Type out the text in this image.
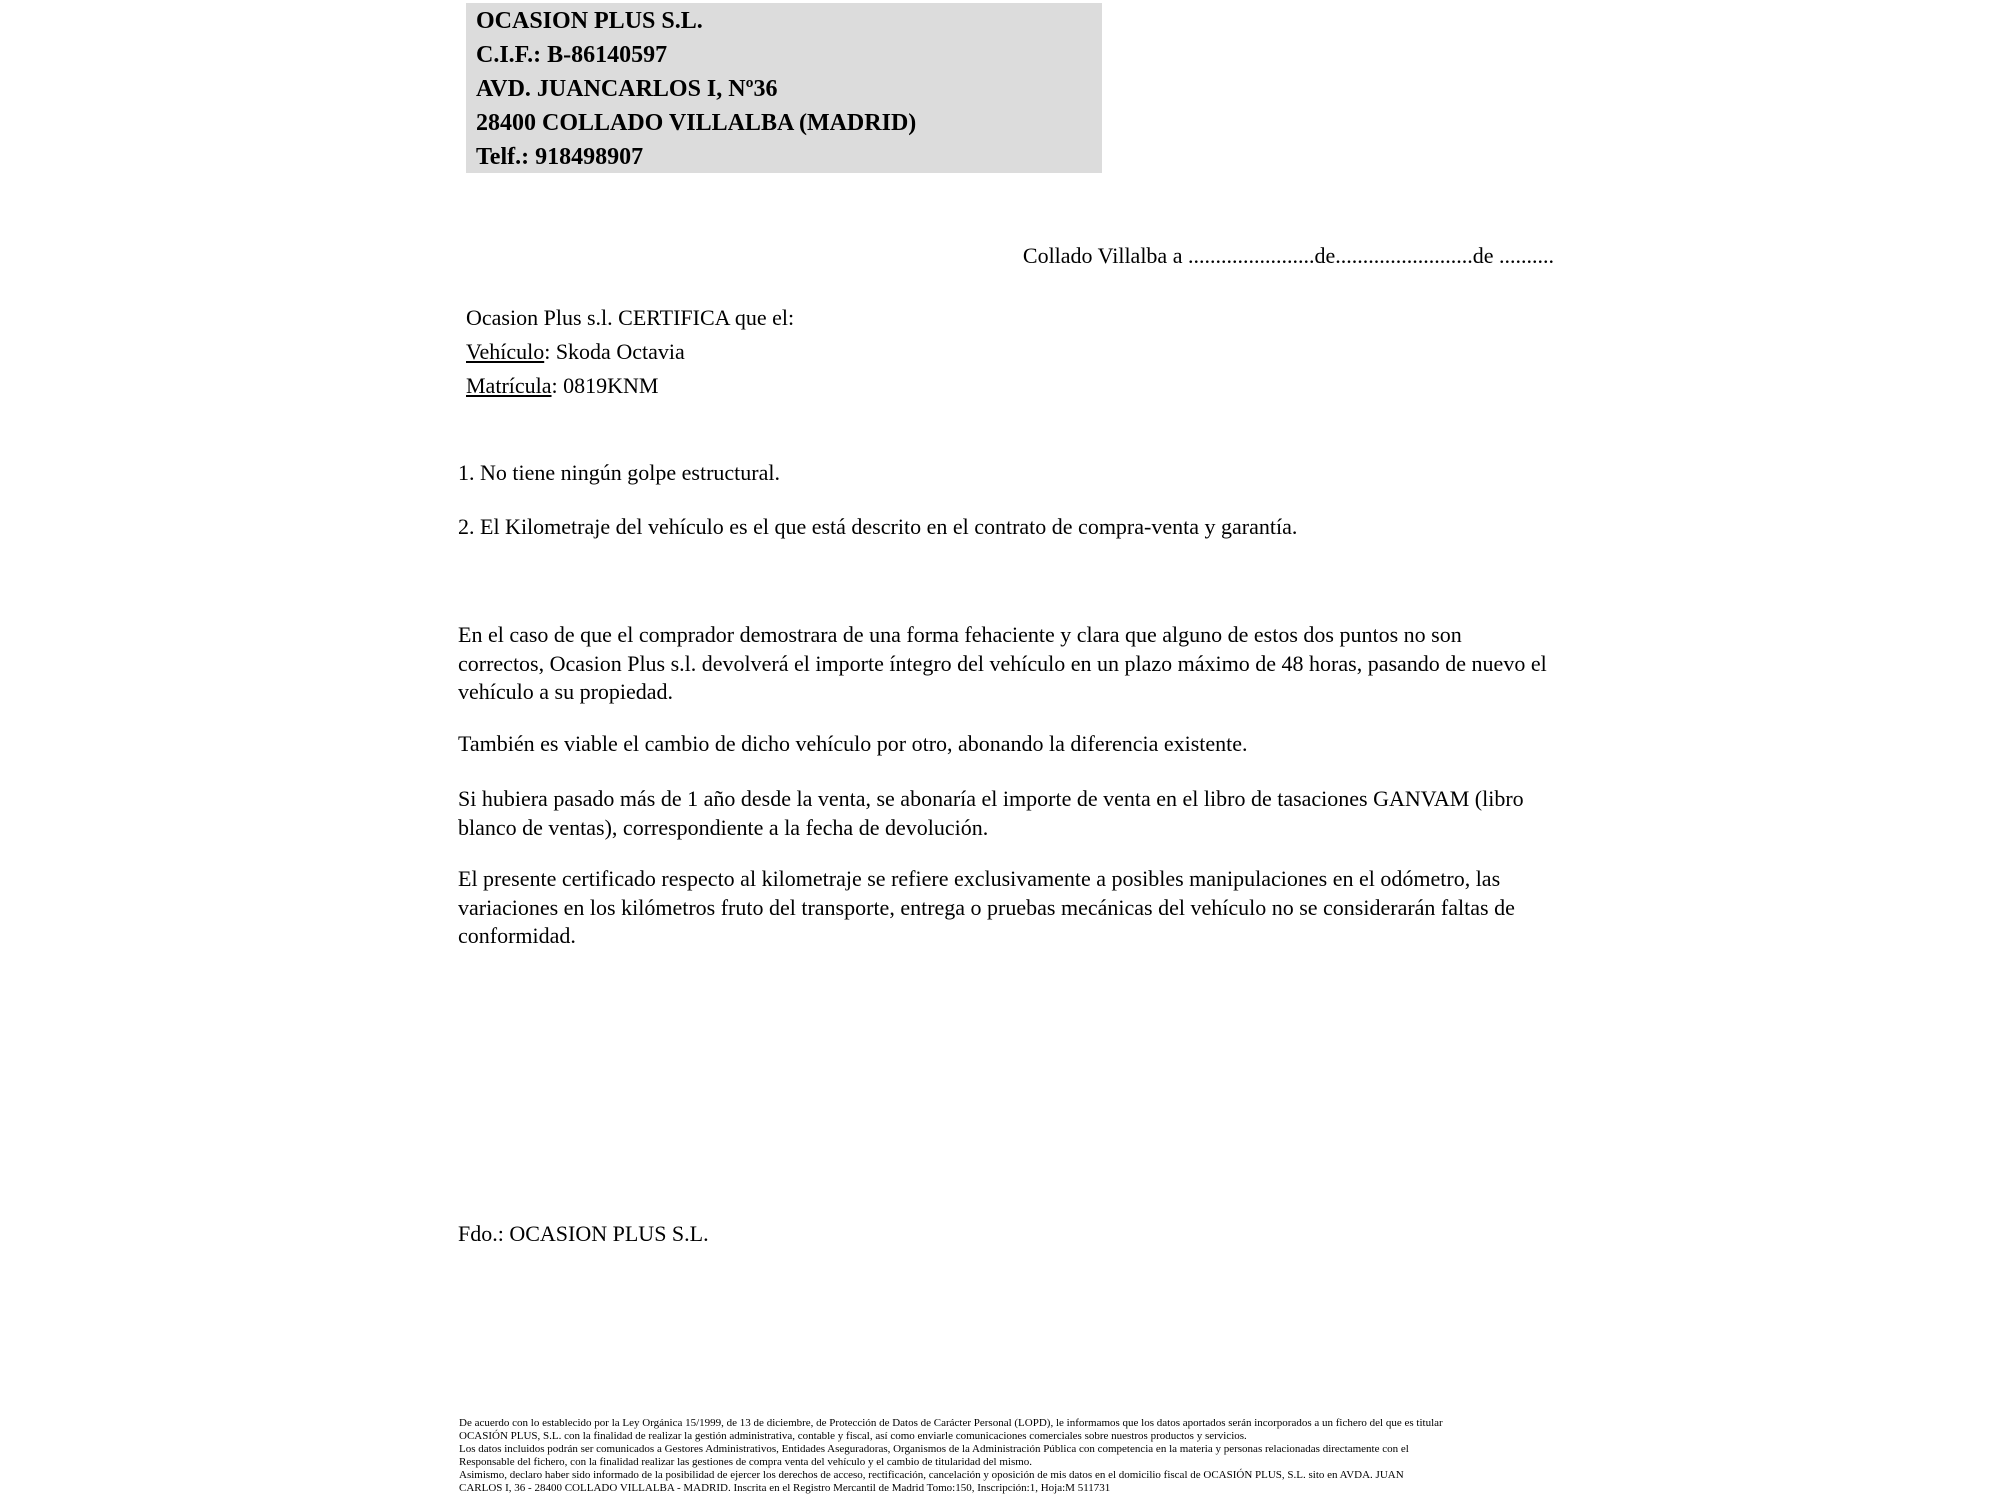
OCASION PLUS S.L.
C.I.F.: B-86140597
AVD. JUANCARLOS I, Nº36
28400 COLLADO VILLALBA (MADRID)
Telf.: 918498907
Collado Villalba a .......................de.........................de ..........
Ocasion Plus s.l. CERTIFICA que el:
Vehículo: Skoda Octavia
Matrícula: 0819KNM
1. No tiene ningún golpe estructural.
2. El Kilometraje del vehículo es el que está descrito en el contrato de compra-venta y garantía.
En el caso de que el comprador demostrara de una forma fehaciente y clara que alguno de estos dos puntos no son correctos, Ocasion Plus s.l. devolverá el importe íntegro del vehículo en un plazo máximo de 48 horas, pasando de nuevo el vehículo a su propiedad.
También es viable el cambio de dicho vehículo por otro, abonando la diferencia existente.
Si hubiera pasado más de 1 año desde la venta, se abonaría el importe de venta en el libro de tasaciones GANVAM (libro blanco de ventas), correspondiente a la fecha de devolución.
El presente certificado respecto al kilometraje se refiere exclusivamente a posibles manipulaciones en el odómetro, las variaciones en los kilómetros fruto del transporte, entrega o pruebas mecánicas del vehículo no se considerarán faltas de conformidad.
Fdo.: OCASION PLUS S.L.
De acuerdo con lo establecido por la Ley Orgánica 15/1999, de 13 de diciembre, de Protección de Datos de Carácter Personal (LOPD), le informamos que los datos aportados serán incorporados a un fichero del que es titular
OCASIÓN PLUS, S.L. con la finalidad de realizar la gestión administrativa, contable y fiscal, así como enviarle comunicaciones comerciales sobre nuestros productos y servicios.
Los datos incluidos podrán ser comunicados a Gestores Administrativos, Entidades Aseguradoras, Organismos de la Administración Pública con competencia en la materia y personas relacionadas directamente con el
Responsable del fichero, con la finalidad realizar las gestiones de compra venta del vehículo y el cambio de titularidad del mismo.
Asimismo, declaro haber sido informado de la posibilidad de ejercer los derechos de acceso, rectificación, cancelación y oposición de mis datos en el domicilio fiscal de OCASIÓN PLUS, S.L. sito en AVDA. JUAN
CARLOS I, 36 - 28400 COLLADO VILLALBA - MADRID. Inscrita en el Registro Mercantil de Madrid Tomo:150, Inscripción:1, Hoja:M 511731
